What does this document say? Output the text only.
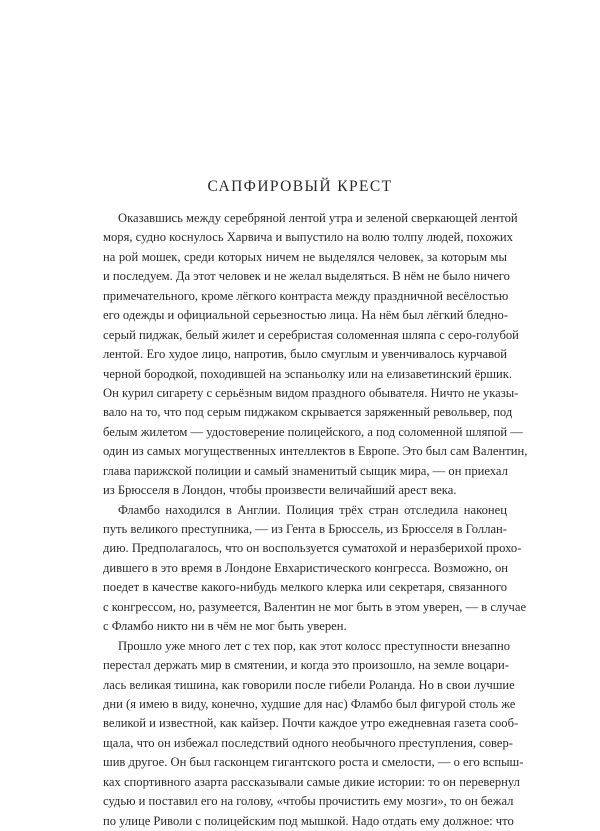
САПФИРОВЫЙ КРЕСТ
Оказавшись между серебряной лентой утра и зеленой сверкающей лентой
моря, судно коснулось Харвича и выпустило на волю толпу людей, похожих
на рой мошек, среди которых ничем не выделялся человек, за которым мы
и последуем. Да этот человек и не желал выделяться. В нём не было ничего
примечательного, кроме лёгкого контраста между праздничной весёлостью
его одежды и официальной серьезностью лица. На нём был лёгкий бледно-
серый пиджак, белый жилет и серебристая соломенная шляпа с серо-голубой
лентой. Его худое лицо, напротив, было смуглым и увенчивалось курчавой
черной бородкой, походившей на эспаньолку или на елизаветинский ёршик.
Он курил сигарету с серьёзным видом праздного обывателя. Ничто не указы-
вало на то, что под серым пиджаком скрывается заряженный револьвер, под
белым жилетом — удостоверение полицейского, а под соломенной шляпой —
один из самых могущественных интеллектов в Европе. Это был сам Валентин,
глава парижской полиции и самый знаменитый сыщик мира, — он приехал
из Брюсселя в Лондон, чтобы произвести величайший арест века.
Фламбо находился в Англии. Полиция трёх стран отследила наконец
путь великого преступника, — из Гента в Брюссель, из Брюсселя в Голлан-
дию. Предполагалось, что он воспользуется суматохой и неразберихой прохо-
дившего в это время в Лондоне Евхаристического конгресса. Возможно, он
поедет в качестве какого-нибудь мелкого клерка или секретаря, связанного
с конгрессом, но, разумеется, Валентин не мог быть в этом уверен, — в случае
с Фламбо никто ни в чём не мог быть уверен.
Прошло уже много лет с тех пор, как этот колосс преступности внезапно
перестал держать мир в смятении, и когда это произошло, на земле воцари-
лась великая тишина, как говорили после гибели Роланда. Но в свои лучшие
дни (я имею в виду, конечно, худшие для нас) Фламбо был фигурой столь же
великой и известной, как кайзер. Почти каждое утро ежедневная газета сооб-
щала, что он избежал последствий одного необычного преступления, совер-
шив другое. Он был гасконцем гигантского роста и смелости, — о его вспыш-
ках спортивного азарта рассказывали самые дикие истории: то он перевернул
судью и поставил его на голову, «чтобы прочистить ему мозги», то он бежал
по улице Риволи с полицейским под мышкой. Надо отдать ему должное: что
